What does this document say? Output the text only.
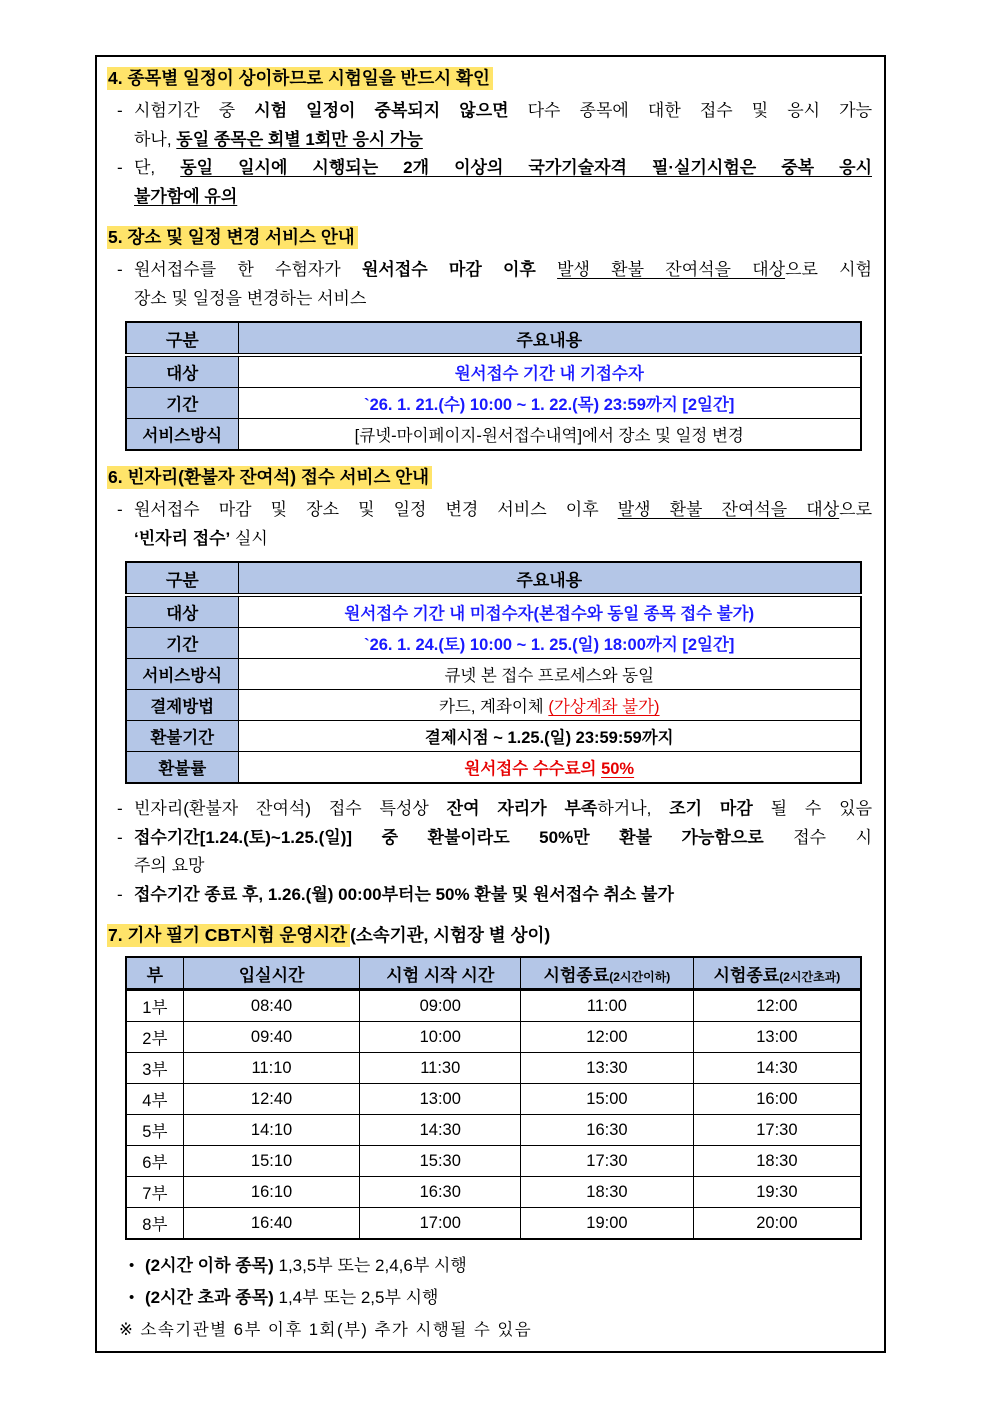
4. 종목별 일정이 상이하므로 시험일을 반드시 확인
- 시험기간 중 시험 일정이 중복되지 않으면 다수 종목에 대한 접수 및 응시 가능
하나, 동일 종목은 회별 1회만 응시 가능
- 단, 동일 일시에 시행되는 2개 이상의 국가기술자격 필·실기시험은 중복 응시
불가함에 유의
5. 장소 및 일정 변경 서비스 안내
- 원서접수를 한 수험자가 원서접수 마감 이후 발생 환불 잔여석을 대상으로 시험
장소 및 일정을 변경하는 서비스
구분	주요내용
대상	원서접수 기간 내 기접수자
기간	`26. 1. 21.(수) 10:00 ~ 1. 22.(목) 23:59까지 [2일간]
서비스방식	[큐넷-마이페이지-원서접수내역]에서 장소 및 일정 변경
6. 빈자리(환불자 잔여석) 접수 서비스 안내
- 원서접수 마감 및 장소 및 일정 변경 서비스 이후 발생 환불 잔여석을 대상으로
‘빈자리 접수’ 실시
구분	주요내용
대상	원서접수 기간 내 미접수자(본접수와 동일 종목 접수 불가)
기간	`26. 1. 24.(토) 10:00 ~ 1. 25.(일) 18:00까지 [2일간]
서비스방식	큐넷 본 접수 프로세스와 동일
결제방법	카드, 계좌이체 (가상계좌 불가)
환불기간	결제시점 ~ 1.25.(일) 23:59:59까지
환불률	원서접수 수수료의 50%
- 빈자리(환불자 잔여석) 접수 특성상 잔여 자리가 부족하거나, 조기 마감 될 수 있음
- 접수기간[1.24.(토)~1.25.(일)] 중 환불이라도 50%만 환불 가능함으로 접수 시
주의 요망
- 접수기간 종료 후, 1.26.(월) 00:00부터는 50% 환불 및 원서접수 취소 불가
7. 기사 필기 CBT시험 운영시간 (소속기관, 시험장 별 상이)
부	입실시간	시험 시작 시간	시험종료(2시간이하)	시험종료(2시간초과)
1부	08:40	09:00	11:00	12:00
2부	09:40	10:00	12:00	13:00
3부	11:10	11:30	13:30	14:30
4부	12:40	13:00	15:00	16:00
5부	14:10	14:30	16:30	17:30
6부	15:10	15:30	17:30	18:30
7부	16:10	16:30	18:30	19:30
8부	16:40	17:00	19:00	20:00
• (2시간 이하 종목) 1,3,5부 또는 2,4,6부 시행
• (2시간 초과 종목) 1,4부 또는 2,5부 시행
※ 소속기관별 6부 이후 1회(부) 추가 시행될 수 있음
